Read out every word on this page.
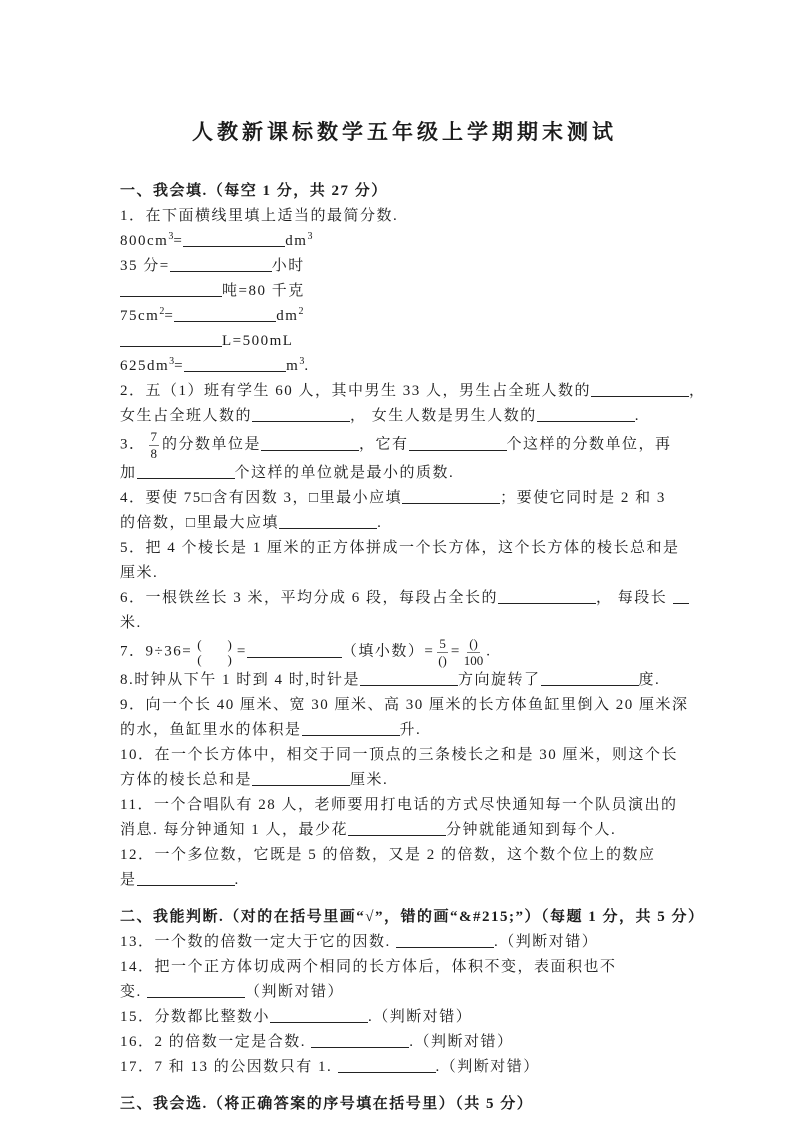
人教新课标数学五年级上学期期末测试
一、我会填.（每空 1 分，共 27 分）
1．在下面横线里填上适当的最简分数.
$800cm^3=$	$dm^3$
35 分=	小时
吨=80 千克
$75cm^2=$	$dm^2$
L=500mL
$625dm^3=$	$m^3$.
2．五（1）班有学生 60 人，其中男生 33 人，男生占全班人数的	，
女生占全班人数的	， 女生人数是男生人数的	.
3． $\frac{7}{8}$ 的分数单位是	，它有	个这样的分数单位，再
加	个这样的单位就是最小的质数.
4．要使 75□含有因数 3，□里最小应填	；要使它同时是 2 和 3
的倍数，□里最大应填	.
5．把 4 个棱长是 1 厘米的正方体拼成一个长方体，这个长方体的棱长总和是
厘米.
6．一根铁丝长 3 米，平均分成 6 段，每段占全长的	， 每段长
米.
7．9÷36= (　　)
(　　)
=	（填小数）= $\frac{5}{()} = \frac{()}{100}$ .
8.时钟从下午 1 时到 4 时,时针是	方向旋转了	度.
9．向一个长 40 厘米、宽 30 厘米、高 30 厘米的长方体鱼缸里倒入 20 厘米深
的水，鱼缸里水的体积是	升.
10．在一个长方体中，相交于同一顶点的三条棱长之和是 30 厘米，则这个长
方体的棱长总和是	厘米.
11．一个合唱队有 28 人，老师要用打电话的方式尽快通知每一个队员演出的
消息. 每分钟通知 1 人，最少花	分钟就能通知到每个人.
12．一个多位数，它既是 5 的倍数，又是 2 的倍数，这个数个位上的数应
是	.
二、我能判断.（对的在括号里画“√”，错的画“&#215;”）（每题 1 分，共 5 分）
13．一个数的倍数一定大于它的因数.	.（判断对错）
14．把一个正方体切成两个相同的长方体后，体积不变，表面积也不
变.	（判断对错）
15．分数都比整数小	.（判断对错）
16．2 的倍数一定是合数.	.（判断对错）
17．7 和 13 的公因数只有 1.	.（判断对错）
三、我会选.（将正确答案的序号填在括号里）（共 5 分）
